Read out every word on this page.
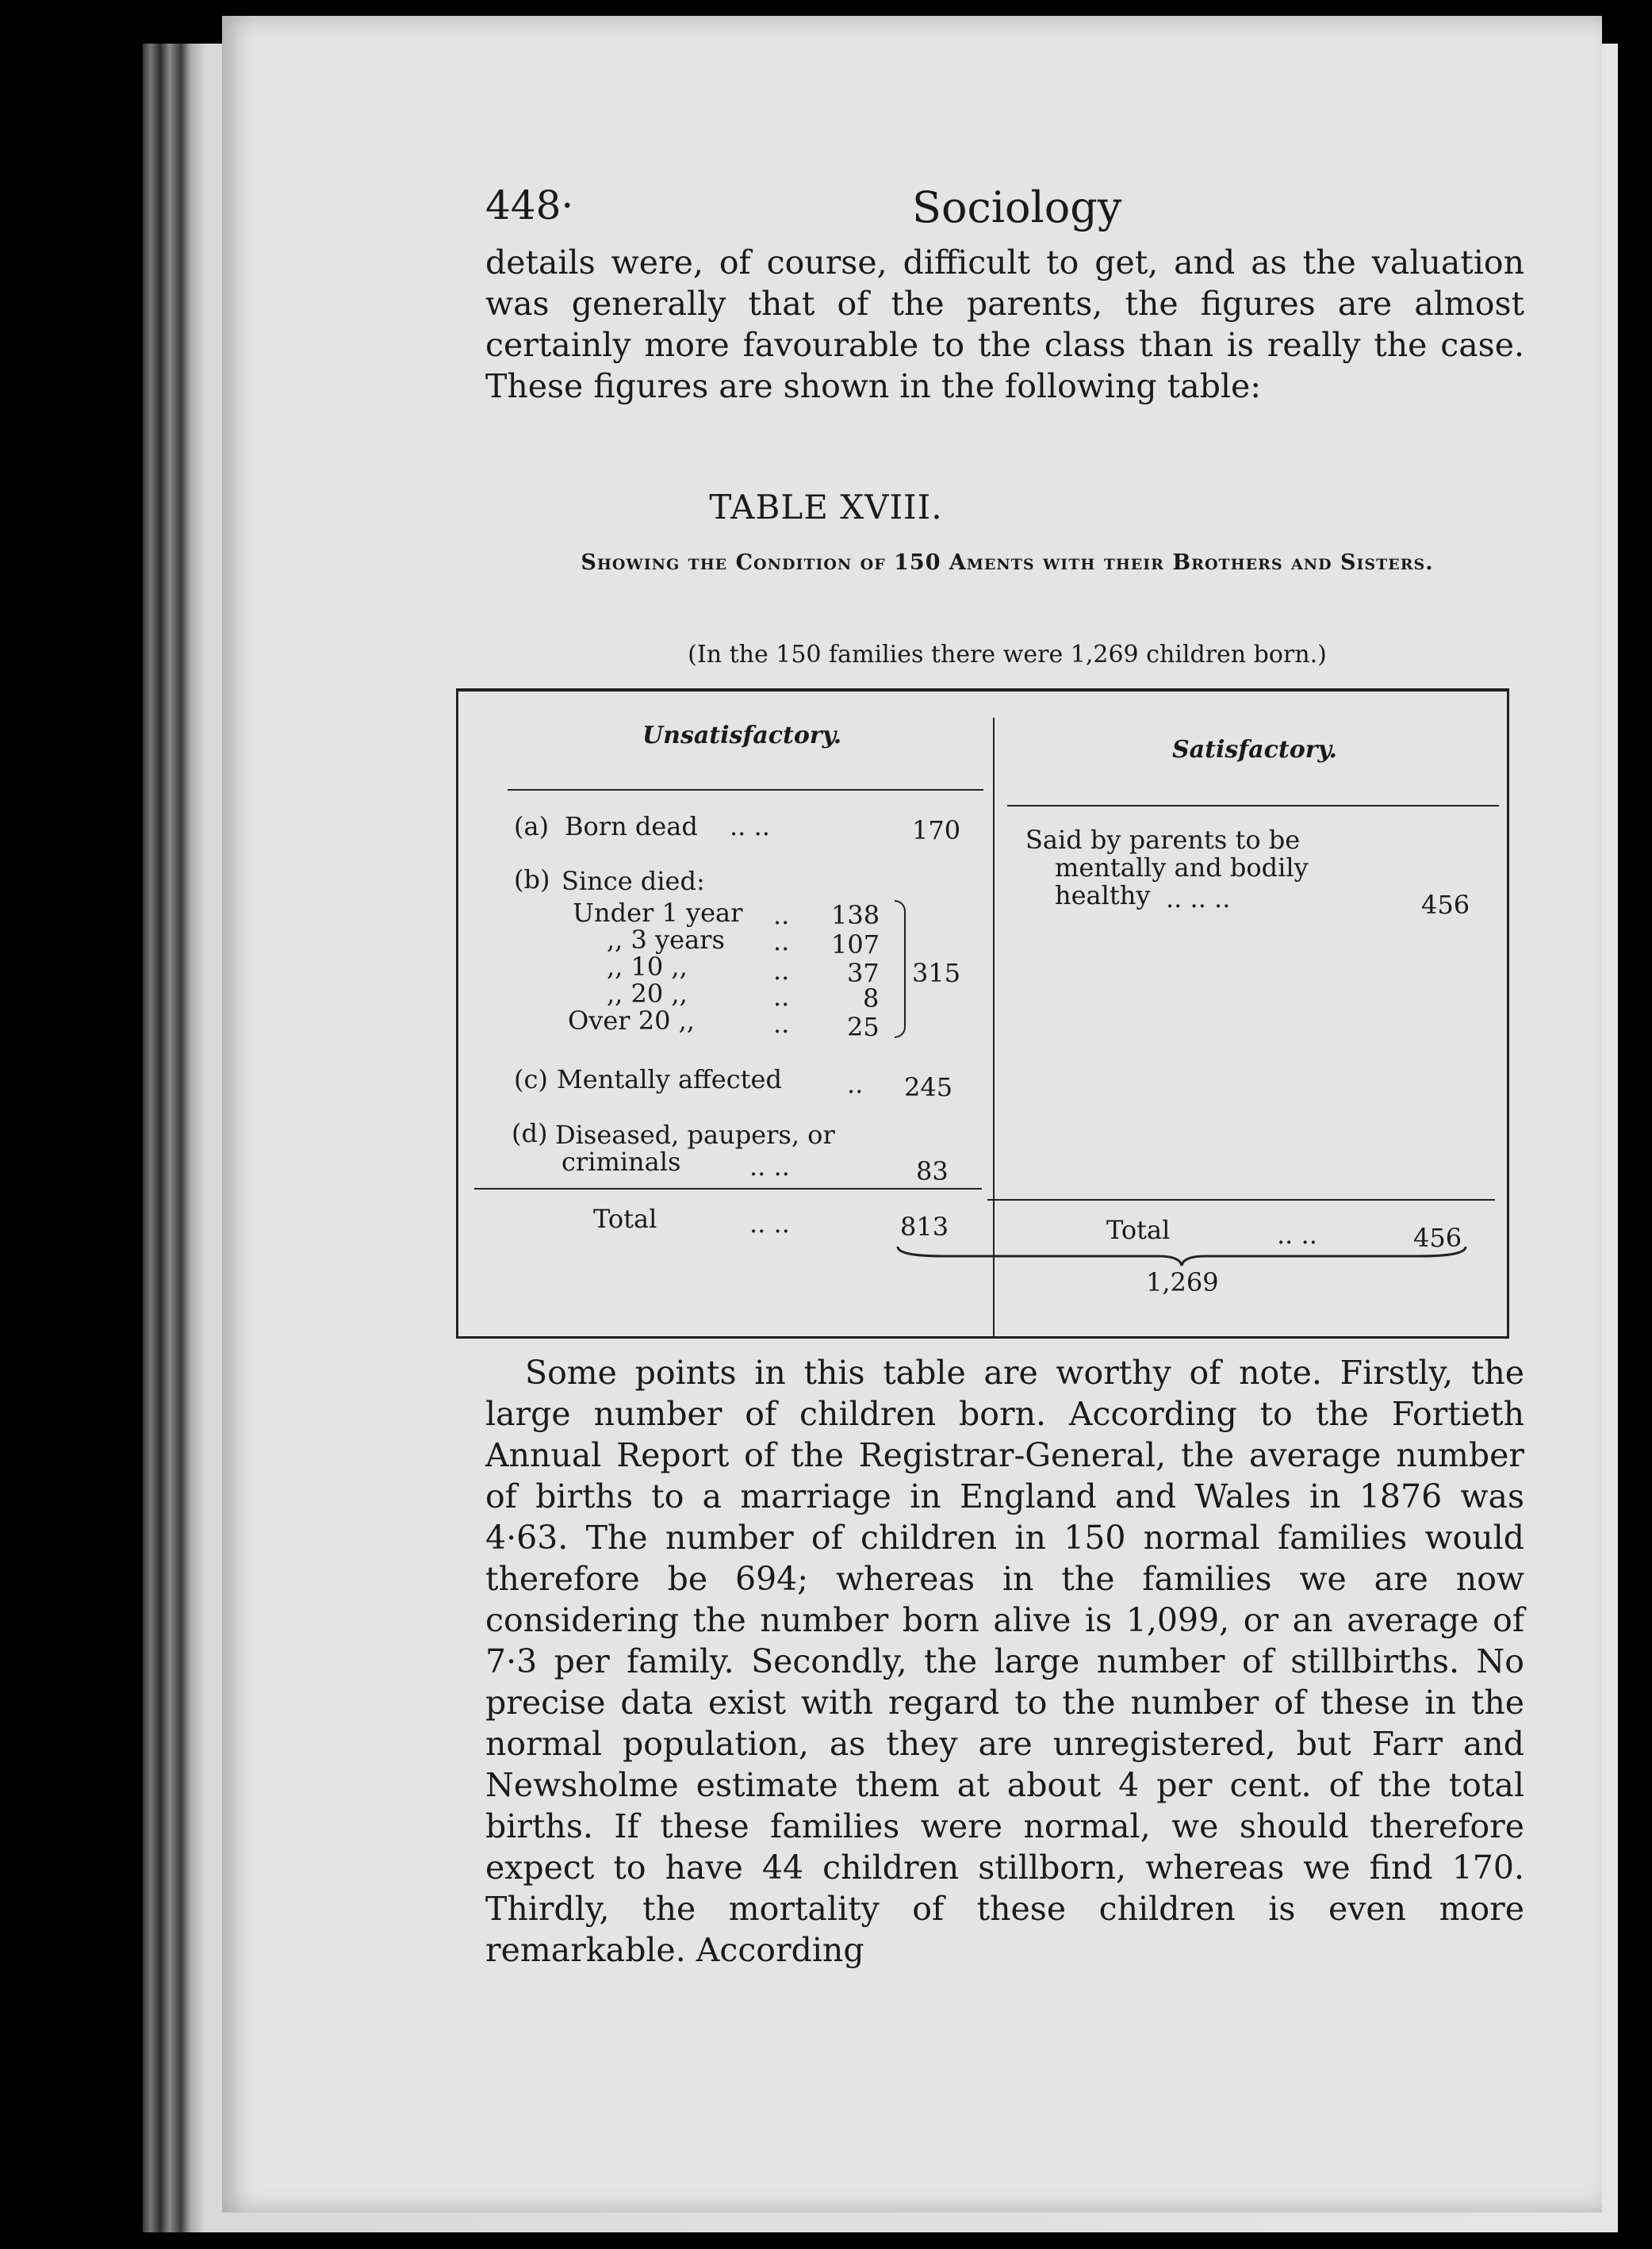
448·	Sociology

details were, of course, difficult to get, and as the valuation was generally that of the parents, the figures are almost certainly more favourable to the class than is really the case. These figures are shown in the following table:

TABLE XVIII.
Showing the Condition of 150 Aments with their Brothers and Sisters.
(In the 150 families there were 1,269 children born.)
Unsatisfactory.
Satisfactory.
(a) Born dead .. ..	170
(b) Since died:
Under 1 year .. 138
,, 3 years .. 107
,, 10 ,,	.. 37
,, 20 ,,	..	8
Over 20 ,,	.. 25
315
(c) Mentally affected	.. 245
(d) Diseased, paupers, or
criminals	.. ..	83
Total	.. ..	813
Said by parents to be
mentally and bodily
healthy .. .. ..	456
Total	.. ..	456
1,269

Some points in this table are worthy of note. Firstly, the large number of children born. According to the Fortieth Annual Report of the Registrar-General, the average number of births to a marriage in England and Wales in 1876 was 4·63. The number of children in 150 normal families would therefore be 694; whereas in the families we are now considering the number born alive is 1,099, or an average of 7·3 per family. Secondly, the large number of stillbirths. No precise data exist with regard to the number of these in the normal population, as they are unregistered, but Farr and Newsholme estimate them at about 4 per cent. of the total births. If these families were normal, we should therefore expect to have 44 children stillborn, whereas we find 170. Thirdly, the mortality of these children is even more remarkable. According
